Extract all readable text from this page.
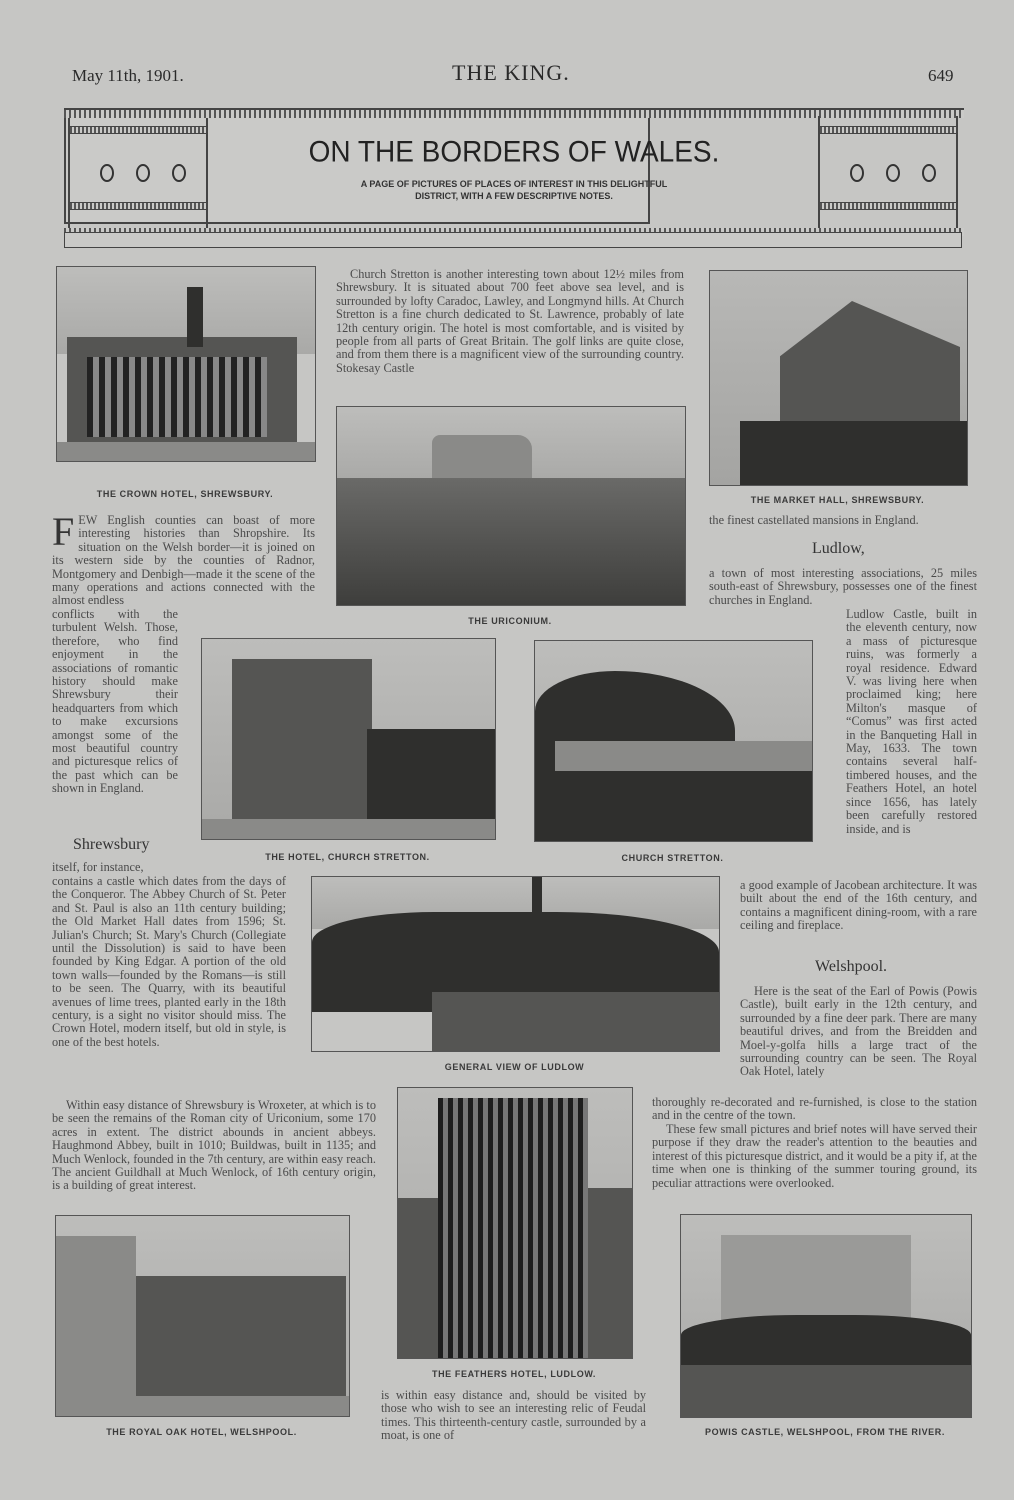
May 11th, 1901.	THE KING.	649
ON THE BORDERS OF WALES.
A PAGE OF PICTURES OF PLACES OF INTEREST IN THIS DELIGHTFUL
DISTRICT, WITH A FEW DESCRIPTIVE NOTES.
THE CROWN HOTEL, SHREWSBURY.
THE URICONIUM.
THE MARKET HALL, SHREWSBURY.
Church Stretton is another interesting town about 12½ miles from Shrewsbury. It is situated about 700 feet above sea level, and is surrounded by lofty Caradoc, Lawley, and Longmynd hills. At Church Stretton is a fine church dedicated to St. Lawrence, probably of late 12th century origin. The hotel is most comfortable, and is visited by people from all parts of Great Britain. The golf links are quite close, and from them there is a magnificent view of the surrounding country. Stokesay Castle
F EW English counties can boast of more interesting histories than Shropshire. Its situation on the Welsh border—it is joined on its western side by the counties of Radnor, Montgomery and Denbigh—made it the scene of the many operations and actions connected with the almost endless
conflicts with the turbulent Welsh. Those, therefore, who find enjoyment in the associations of romantic history should make Shrewsbury their headquarters from which to make excursions amongst some of the most beautiful country and picturesque relics of the past which can be shown in England.
THE HOTEL, CHURCH STRETTON.	CHURCH STRETTON.
Shrewsbury
itself, for instance,
contains a castle which dates from the days of the Conqueror. The Abbey Church of St. Peter and St. Paul is also an 11th century building; the Old Market Hall dates from 1596; St. Julian's Church; St. Mary's Church (Collegiate until the Dissolution) is said to have been founded by King Edgar. A portion of the old town walls—founded by the Romans—is still to be seen. The Quarry, with its beautiful avenues of lime trees, planted early in the 18th century, is a sight no visitor should miss. The Crown Hotel, modern itself, but old in style, is one of the best hotels.
GENERAL VIEW OF LUDLOW
Within easy distance of Shrewsbury is Wroxeter, at which is to be seen the remains of the Roman city of Uriconium, some 170 acres in extent. The district abounds in ancient abbeys. Haughmond Abbey, built in 1010; Buildwas, built in 1135; and Much Wenlock, founded in the 7th century, are within easy reach. The ancient Guildhall at Much Wenlock, of 16th century origin, is a building of great interest.
THE FEATHERS HOTEL, LUDLOW.
is within easy distance and, should be visited by those who wish to see an interesting relic of Feudal times. This thirteenth-century castle, surrounded by a moat, is one of
the finest castellated mansions in England.
Ludlow,
a town of most interesting associations, 25 miles south-east of Shrewsbury, possesses one of the finest churches in England.
Ludlow Castle, built in the eleventh century, now a mass of picturesque ruins, was formerly a royal residence. Edward V. was living here when proclaimed king; here Milton's masque of “Comus” was first acted in the Banqueting Hall in May, 1633. The town contains several half-timbered houses, and the Feathers Hotel, an hotel since 1656, has lately been carefully restored inside, and is
a good example of Jacobean architecture. It was built about the end of the 16th century, and contains a magnificent dining-room, with a rare ceiling and fireplace.
Welshpool.
Here is the seat of the Earl of Powis (Powis Castle), built early in the 12th century, and surrounded by a fine deer park. There are many beautiful drives, and from the Breidden and Moel-y-golfa hills a large tract of the surrounding country can be seen. The Royal Oak Hotel, lately
thoroughly re-decorated and re-furnished, is close to the station and in the centre of the town.
These few small pictures and brief notes will have served their purpose if they draw the reader's attention to the beauties and interest of this picturesque district, and it would be a pity if, at the time when one is thinking of the summer touring ground, its peculiar attractions were overlooked.
THE ROYAL OAK HOTEL, WELSHPOOL.	POWIS CASTLE, WELSHPOOL, FROM THE RIVER.
